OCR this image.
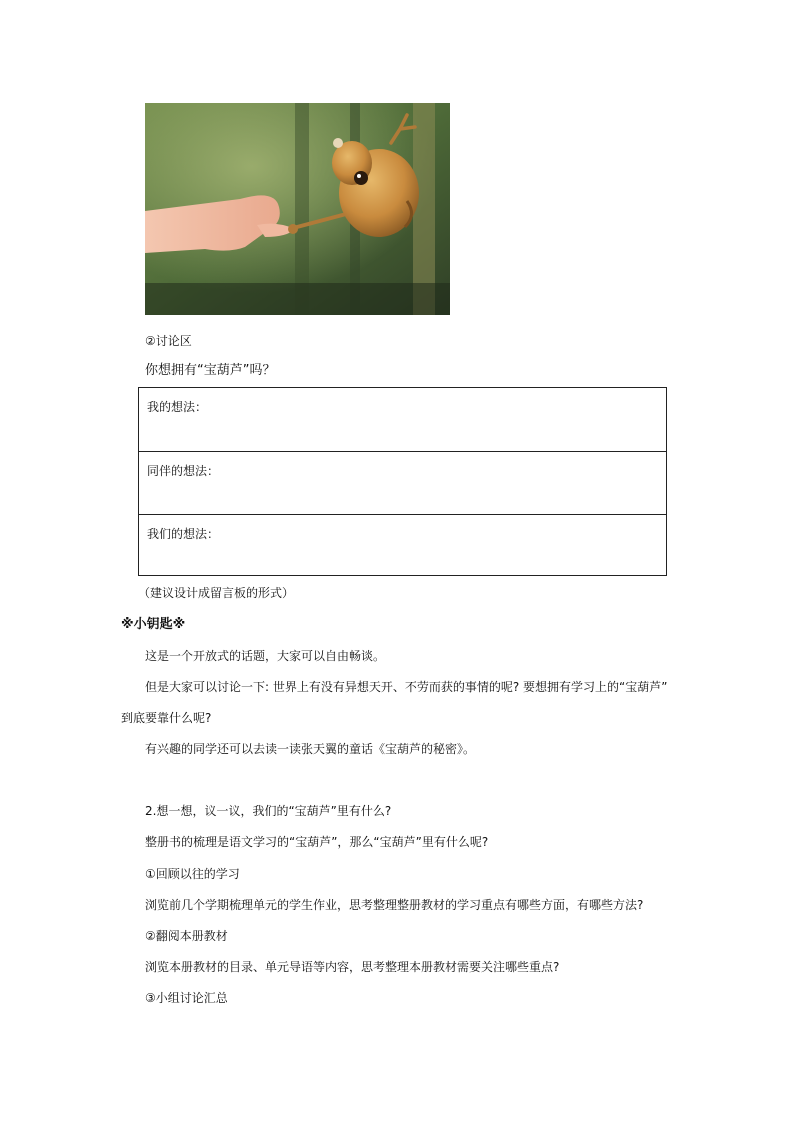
②讨论区
你想拥有“宝葫芦”吗？
我的想法：
同伴的想法：
我们的想法：
（建议设计成留言板的形式）
※小钥匙※
这是一个开放式的话题，大家可以自由畅谈。
但是大家可以讨论一下: 世界上有没有异想天开、不劳而获的事情的呢? 要想拥有学习上的“宝葫芦”
到底要靠什么呢?
有兴趣的同学还可以去读一读张天翼的童话《宝葫芦的秘密》。
2.想一想，议一议，我们的“宝葫芦”里有什么?
整册书的梳理是语文学习的“宝葫芦”，那么“宝葫芦”里有什么呢?
①回顾以往的学习
浏览前几个学期梳理单元的学生作业，思考整理整册教材的学习重点有哪些方面，有哪些方法?
②翻阅本册教材
浏览本册教材的目录、单元导语等内容，思考整理本册教材需要关注哪些重点?
③小组讨论汇总
